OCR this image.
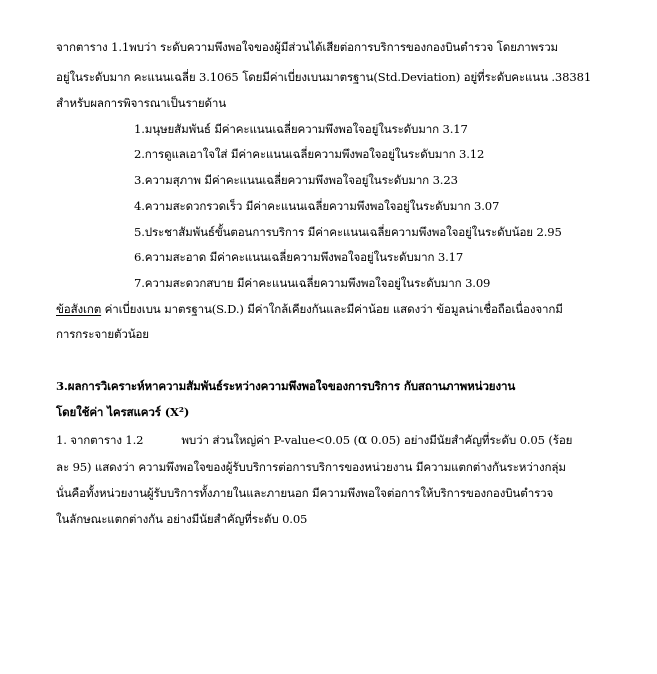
จากตาราง 1.1พบว่า ระดับความพึงพอใจของผู้มีส่วนได้เสียต่อการบริการของกองบินตำรวจ โดยภาพรวม
อยู่ในระดับมาก คะแนนเฉลี่ย 3.1065 โดยมีค่าเบี่ยงเบนมาตรฐาน(Std.Deviation) อยู่ที่ระดับคะแนน .38381
สำหรับผลการพิจารณาเป็นรายด้าน
1.มนุษยสัมพันธ์ มีค่าคะแนนเฉลี่ยความพึงพอใจอยู่ในระดับมาก 3.17
2.การดูแลเอาใจใส่ มีค่าคะแนนเฉลี่ยความพึงพอใจอยู่ในระดับมาก 3.12
3.ความสุภาพ มีค่าคะแนนเฉลี่ยความพึงพอใจอยู่ในระดับมาก 3.23
4.ความสะดวกรวดเร็ว มีค่าคะแนนเฉลี่ยความพึงพอใจอยู่ในระดับมาก 3.07
5.ประชาสัมพันธ์ขั้นตอนการบริการ มีค่าคะแนนเฉลี่ยความพึงพอใจอยู่ในระดับน้อย 2.95
6.ความสะอาด มีค่าคะแนนเฉลี่ยความพึงพอใจอยู่ในระดับมาก 3.17
7.ความสะดวกสบาย มีค่าคะแนนเฉลี่ยความพึงพอใจอยู่ในระดับมาก 3.09
ข้อสังเกต ค่าเบี่ยงเบน มาตรฐาน(S.D.) มีค่าใกล้เคียงกันและมีค่าน้อย แสดงว่า ข้อมูลน่าเชื่อถือเนื่องจากมี
การกระจายตัวน้อย
3.ผลการวิเคราะห์หาความสัมพันธ์ระหว่างความพึงพอใจของการบริการ กับสถานภาพหน่วยงาน
โดยใช้ค่า ไครสแควร์ (X²)
1. จากตาราง 1.2	พบว่า ส่วนใหญ่ค่า P-value<0.05 (α 0.05) อย่างมีนัยสำคัญที่ระดับ 0.05 (ร้อย
ละ 95) แสดงว่า ความพึงพอใจของผู้รับบริการต่อการบริการของหน่วยงาน มีความแตกต่างกันระหว่างกลุ่ม
นั่นคือทั้งหน่วยงานผู้รับบริการทั้งภายในและภายนอก มีความพึงพอใจต่อการให้บริการของกองบินตำรวจ
ในลักษณะแตกต่างกัน อย่างมีนัยสำคัญที่ระดับ 0.05
